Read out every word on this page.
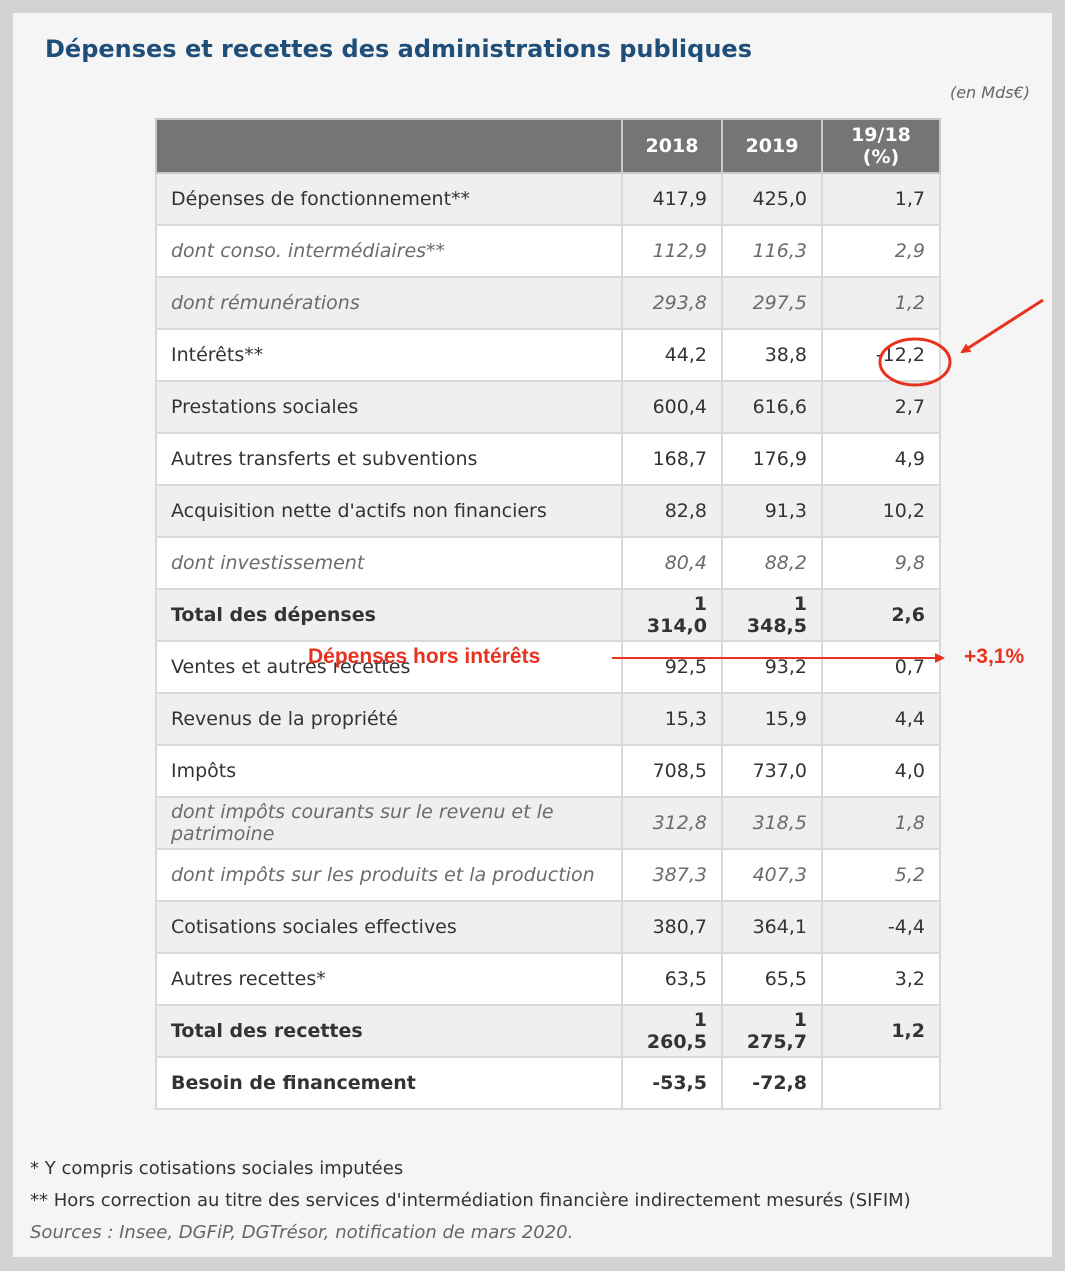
Dépenses et recettes des administrations publiques
(en Mds€)
	2018	2019	19/18 (%)
Dépenses de fonctionnement**	417,9	425,0	1,7
dont conso. intermédiaires**	112,9	116,3	2,9
dont rémunérations	293,8	297,5	1,2
Intérêts**	44,2	38,8	-12,2
Prestations sociales	600,4	616,6	2,7
Autres transferts et subventions	168,7	176,9	4,9
Acquisition nette d'actifs non financiers	82,8	91,3	10,2
dont investissement	80,4	88,2	9,8
Total des dépenses	1 314,0	1 348,5	2,6
Ventes et autres recettes	92,5	93,2	0,7
Revenus de la propriété	15,3	15,9	4,4
Impôts	708,5	737,0	4,0
dont impôts courants sur le revenu et le patrimoine	312,8	318,5	1,8
dont impôts sur les produits et la production	387,3	407,3	5,2
Cotisations sociales effectives	380,7	364,1	-4,4
Autres recettes*	63,5	65,5	3,2
Total des recettes	1 260,5	1 275,7	1,2
Besoin de financement	-53,5	-72,8	
* Y compris cotisations sociales imputées
** Hors correction au titre des services d'intermédiation financière indirectement mesurés (SIFIM)
Sources : Insee, DGFiP, DGTrésor, notification de mars 2020.
Dépenses hors intérêts	+3,1%
